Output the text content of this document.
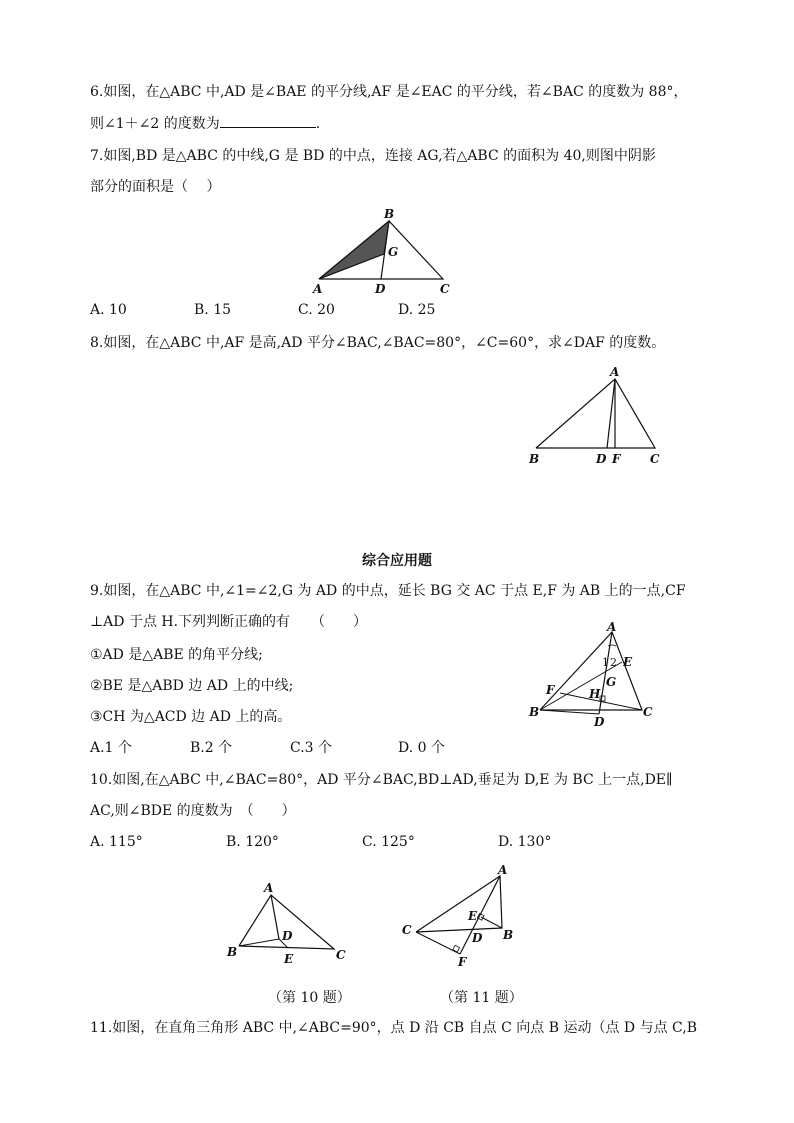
6.如图，在△ABC 中,AD 是∠BAE 的平分线,AF 是∠EAC 的平分线，若∠BAC 的度数为 88°，
则∠1＋∠2 的度数为	.
7.如图,BD 是△ABC 的中线,G 是 BD 的中点，连接 AG,若△ABC 的面积为 40,则图中阴影
部分的面积是（　 ）
B
G
A	D	C
A. 10	B. 15	C. 20	D. 25
8.如图，在△ABC 中,AF 是高,AD 平分∠BAC,∠BAC=80°，∠C=60°，求∠DAF 的度数。
A
B	D F C
综合应用题
9.如图，在△ABC 中,∠1=∠2,G 为 AD 的中点，延长 BG 交 AC 于点 E,F 为 AB 上的一点,CF
⊥AD 于点 H.下列判断正确的有　　（　　）
①AD 是△ABE 的角平分线;
②BE 是△ABD 边 AD 上的中线;
③CH 为△ACD 边 AD 上的高。
A
1 2 E
G
F	H
B
D
C
A.1 个	B.2 个	C.3 个	D. 0 个
10.如图,在△ABC 中,∠BAC=80°，AD 平分∠BAC,BD⊥AD,垂足为 D,E 为 BC 上一点,DE∥
AC,则∠BDE 的度数为　（　　）
A. 115°	B. 120°	C. 125°	D. 130°
A
D
B	E	C
A
E
C
D B
F
（第 10 题）	（第 11 题）
11.如图，在直角三角形 ABC 中,∠ABC=90°，点 D 沿 CB 自点 C 向点 B 运动（点 D 与点 C,B
